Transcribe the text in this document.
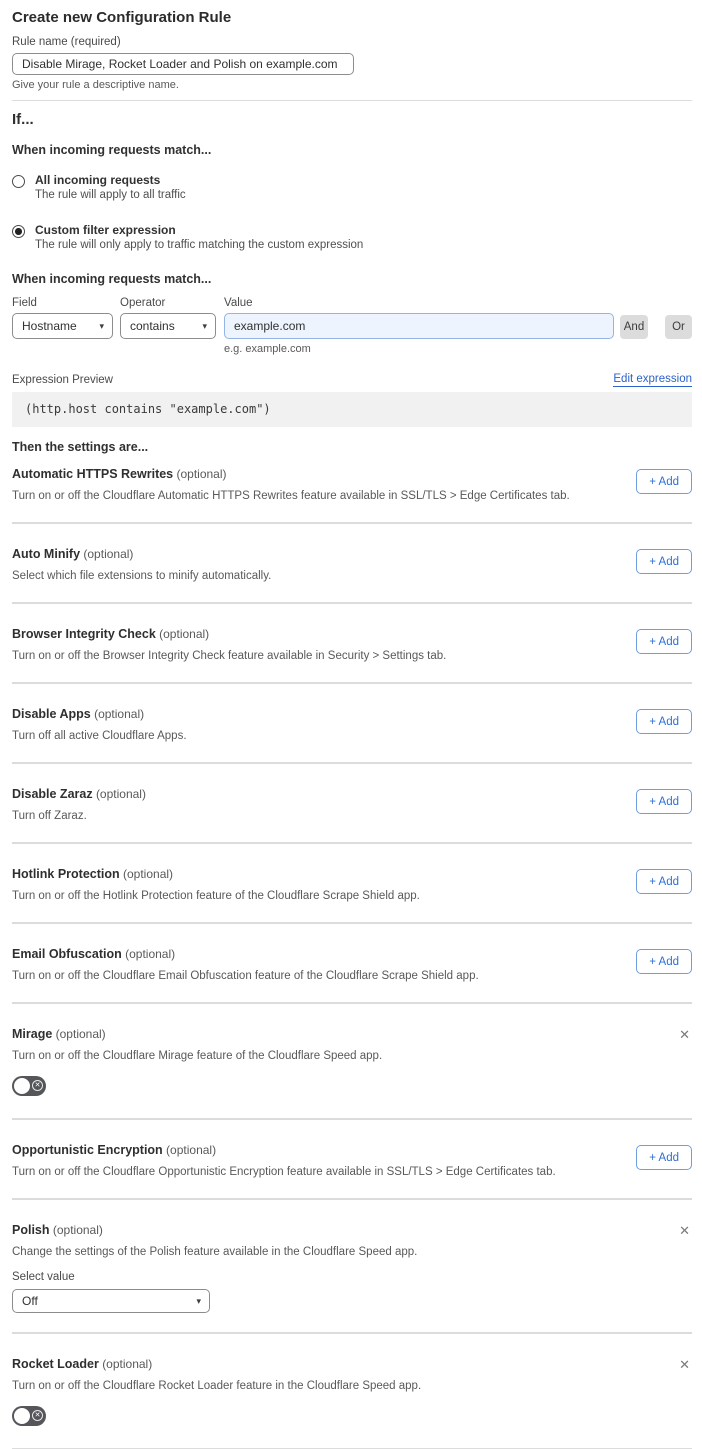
Create new Configuration Rule
Rule name (required)
Disable Mirage, Rocket Loader and Polish on example.com
Give your rule a descriptive name.
If...
When incoming requests match...
All incoming requests
The rule will apply to all traffic
Custom filter expression
The rule will only apply to traffic matching the custom expression
When incoming requests match...
Field
Hostname	▾
Operator
contains	▾
Value
example.com
e.g. example.com
And	Or
Expression Preview	Edit expression
(http.host contains "example.com")
Then the settings are...
Automatic HTTPS Rewrites (optional)
Turn on or off the Cloudflare Automatic HTTPS Rewrites feature available in SSL/TLS > Edge Certificates tab.
+ Add
Auto Minify (optional)
Select which file extensions to minify automatically.
+ Add
Browser Integrity Check (optional)
Turn on or off the Browser Integrity Check feature available in Security > Settings tab.
+ Add
Disable Apps (optional)
Turn off all active Cloudflare Apps.
+ Add
Disable Zaraz (optional)
Turn off Zaraz.
+ Add
Hotlink Protection (optional)
Turn on or off the Hotlink Protection feature of the Cloudflare Scrape Shield app.
+ Add
Email Obfuscation (optional)
Turn on or off the Cloudflare Email Obfuscation feature of the Cloudflare Scrape Shield app.
+ Add
Mirage (optional)
Turn on or off the Cloudflare Mirage feature of the Cloudflare Speed app.
✕
✕
Opportunistic Encryption (optional)
Turn on or off the Cloudflare Opportunistic Encryption feature available in SSL/TLS > Edge Certificates tab.
+ Add
Polish (optional)
Change the settings of the Polish feature available in the Cloudflare Speed app.
Select value
Off	▾
✕
Rocket Loader (optional)
Turn on or off the Cloudflare Rocket Loader feature in the Cloudflare Speed app.
✕
✕
